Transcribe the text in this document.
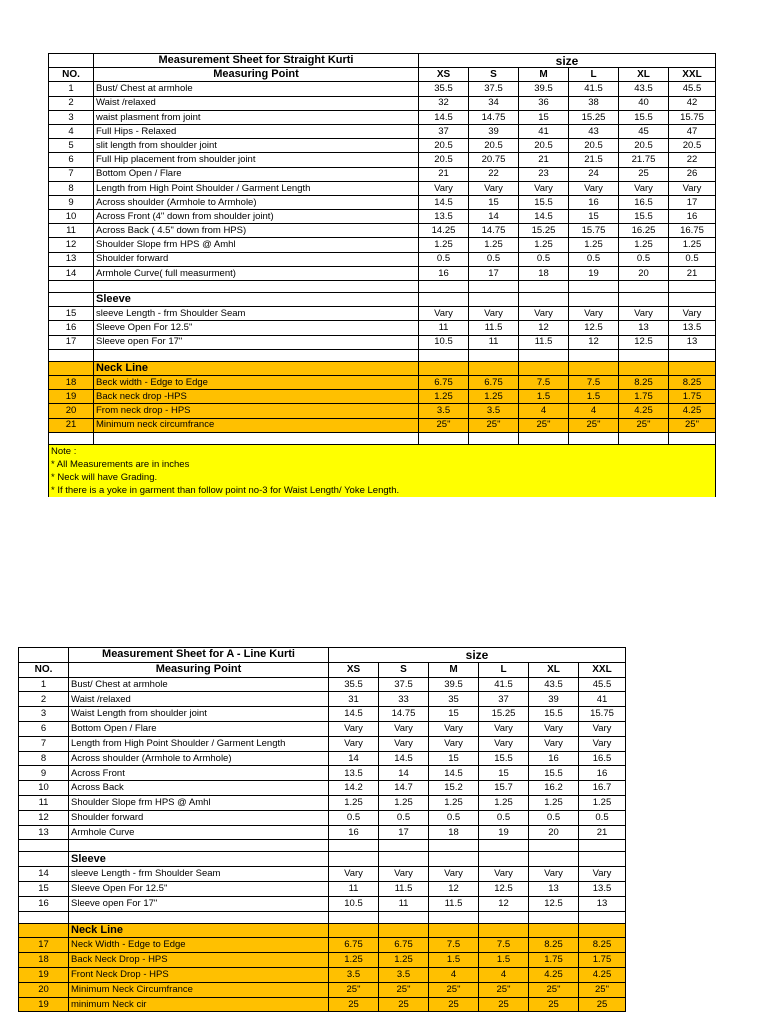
	Measurement Sheet for Straight Kurti	size					
NO.	Measuring Point	XS	S	M	L	XL	XXL
1	Bust/ Chest at armhole	35.5	37.5	39.5	41.5	43.5	45.5
2	Waist /relaxed	32	34	36	38	40	42
3	waist plasment from joint	14.5	14.75	15	15.25	15.5	15.75
4	Full Hips - Relaxed	37	39	41	43	45	47
5	slit length from shoulder joint	20.5	20.5	20.5	20.5	20.5	20.5
6	Full Hip placement from shoulder joint	20.5	20.75	21	21.5	21.75	22
7	Bottom Open / Flare	21	22	23	24	25	26
8	Length from High Point Shoulder / Garment Length	Vary	Vary	Vary	Vary	Vary	Vary
9	Across shoulder (Armhole to Armhole)	14.5	15	15.5	16	16.5	17
10	Across Front (4" down from shoulder joint)	13.5	14	14.5	15	15.5	16
11	Across Back ( 4.5" down from HPS)	14.25	14.75	15.25	15.75	16.25	16.75
12	Shoulder Slope frm HPS @ Amhl	1.25	1.25	1.25	1.25	1.25	1.25
13	Shoulder forward	0.5	0.5	0.5	0.5	0.5	0.5
14	Armhole Curve( full measurment)	16	17	18	19	20	21

	Sleeve						
15	sleeve Length - frm Shoulder Seam	Vary	Vary	Vary	Vary	Vary	Vary
16	Sleeve Open For 12.5"	11	11.5	12	12.5	13	13.5
17	Sleeve open For 17"	10.5	11	11.5	12	12.5	13

	Neck Line						
18	Beck width - Edge to Edge	6.75	6.75	7.5	7.5	8.25	8.25
19	Back neck drop -HPS	1.25	1.25	1.5	1.5	1.75	1.75
20	From neck drop - HPS	3.5	3.5	4	4	4.25	4.25
21	Minimum neck circumfrance	25"	25"	25"	25"	25"	25"

Note :							
* All Measurements are in inches							
* Neck will have Grading.							
* If there is a yoke in garment than follow point no-3 for Waist Length/ Yoke Length.							
	Measurement Sheet for A - Line Kurti	size					
NO.	Measuring Point	XS	S	M	L	XL	XXL
1	Bust/ Chest at armhole	35.5	37.5	39.5	41.5	43.5	45.5
2	Waist /relaxed	31	33	35	37	39	41
3	Waist Length from shoulder joint	14.5	14.75	15	15.25	15.5	15.75
6	Bottom Open / Flare	Vary	Vary	Vary	Vary	Vary	Vary
7	Length from High Point Shoulder / Garment Length	Vary	Vary	Vary	Vary	Vary	Vary
8	Across shoulder (Armhole to Armhole)	14	14.5	15	15.5	16	16.5
9	Across Front	13.5	14	14.5	15	15.5	16
10	Across Back	14.2	14.7	15.2	15.7	16.2	16.7
11	Shoulder Slope frm HPS @ Amhl	1.25	1.25	1.25	1.25	1.25	1.25
12	Shoulder forward	0.5	0.5	0.5	0.5	0.5	0.5
13	Armhole Curve	16	17	18	19	20	21

	Sleeve						
14	sleeve Length - frm Shoulder Seam	Vary	Vary	Vary	Vary	Vary	Vary
15	Sleeve Open For 12.5"	11	11.5	12	12.5	13	13.5
16	Sleeve open For 17"	10.5	11	11.5	12	12.5	13

	Neck Line						
17	Neck Width - Edge to Edge	6.75	6.75	7.5	7.5	8.25	8.25
18	Back Neck Drop - HPS	1.25	1.25	1.5	1.5	1.75	1.75
19	Front Neck Drop - HPS	3.5	3.5	4	4	4.25	4.25
20	Minimum Neck Circumfrance	25"	25"	25"	25"	25"	25"
19	minimum Neck cir	25	25	25	25	25	25
